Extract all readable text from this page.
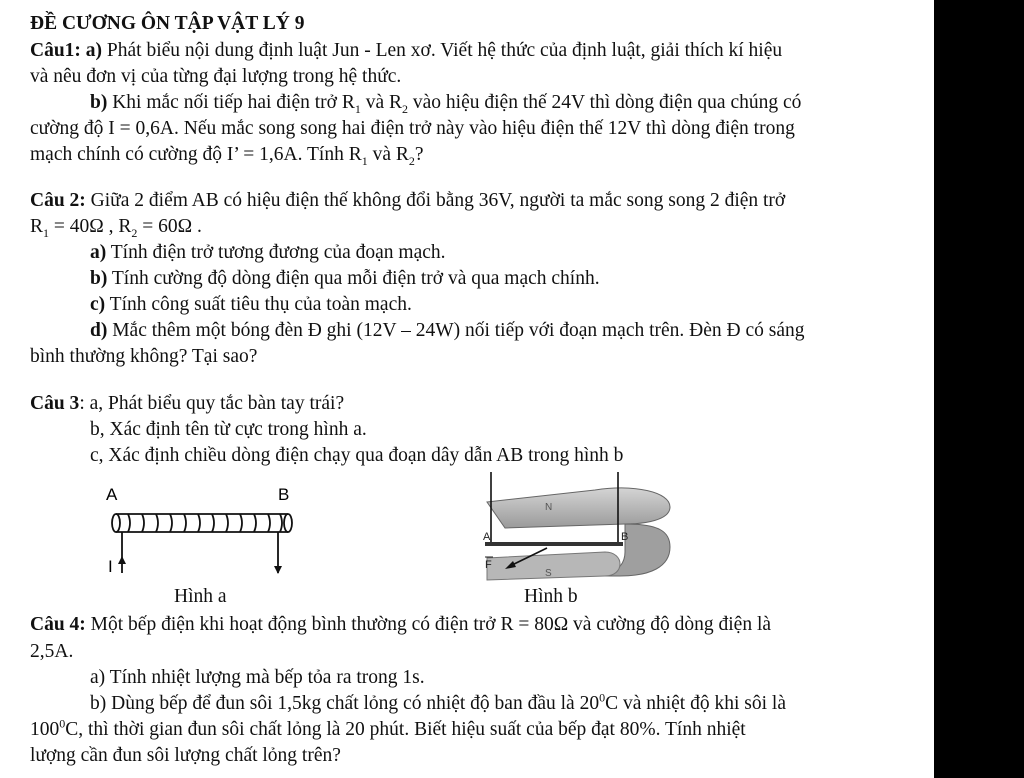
ĐỀ CƯƠNG ÔN TẬP VẬT LÝ 9
Câu1: a) Phát biểu nội dung định luật Jun - Len xơ. Viết hệ thức của định luật, giải thích kí hiệu
và nêu đơn vị của từng đại lượng trong hệ thức.
b) Khi mắc nối tiếp hai điện trở $R_1$ và $R_2$ vào hiệu điện thế 24V thì dòng điện qua chúng có
cường độ I = 0,6A. Nếu mắc song song hai điện trở này vào hiệu điện thế 12V thì dòng điện trong
mạch chính có cường độ I’ = 1,6A. Tính $R_1$ và $R_2$?
Câu 2: Giữa 2 điểm AB có hiệu điện thế không đổi bằng 36V, người ta mắc song song 2 điện trở
$R_1 = 40\Omega$ , $R_2 = 60\Omega$ .
a) Tính điện trở tương đương của đoạn mạch.
b) Tính cường độ dòng điện qua mỗi điện trở và qua mạch chính.
c) Tính công suất tiêu thụ của toàn mạch.
d) Mắc thêm một bóng đèn Đ ghi (12V – 24W) nối tiếp với đoạn mạch trên. Đèn Đ có sáng
bình thường không? Tại sao?
Câu 3: a, Phát biểu quy tắc bàn tay trái?
b, Xác định tên từ cực trong hình a.
c, Xác định chiều dòng điện chạy qua đoạn dây dẫn AB trong hình b
A	B
I
Hình a
N
S
A	B
F
Hình b
Câu 4: Một bếp điện khi hoạt động bình thường có điện trở R = 80Ω và cường độ dòng điện là
2,5A.
a) Tính nhiệt lượng mà bếp tỏa ra trong 1s.
b) Dùng bếp để đun sôi 1,5kg chất lỏng có nhiệt độ ban đầu là $20^0C$ và nhiệt độ khi sôi là
$100^0C$, thì thời gian đun sôi chất lỏng là 20 phút. Biết hiệu suất của bếp đạt 80%. Tính nhiệt
lượng cần đun sôi lượng chất lỏng trên?
